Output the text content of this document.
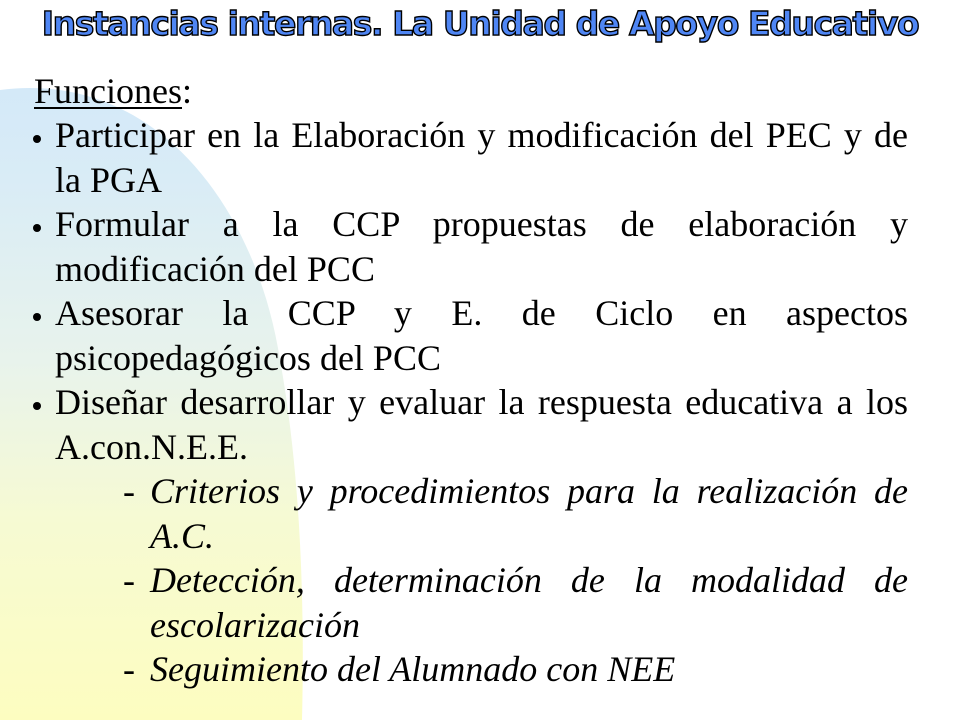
Instancias internas. La Unidad de Apoyo Educativo

Funciones:

Participar en la Elaboración y modificación del PEC y de la PGA
Formular a la CCP propuestas de elaboración y modificación del PCC
Asesorar la CCP y E. de Ciclo en aspectos psicopedagógicos del PCC
Diseñar desarrollar y evaluar la respuesta educativa a los A.con.N.E.E.
- Criterios y procedimientos para la realización de A.C.
- Detección, determinación de la modalidad de escolarización
- Seguimiento del Alumnado con NEE
